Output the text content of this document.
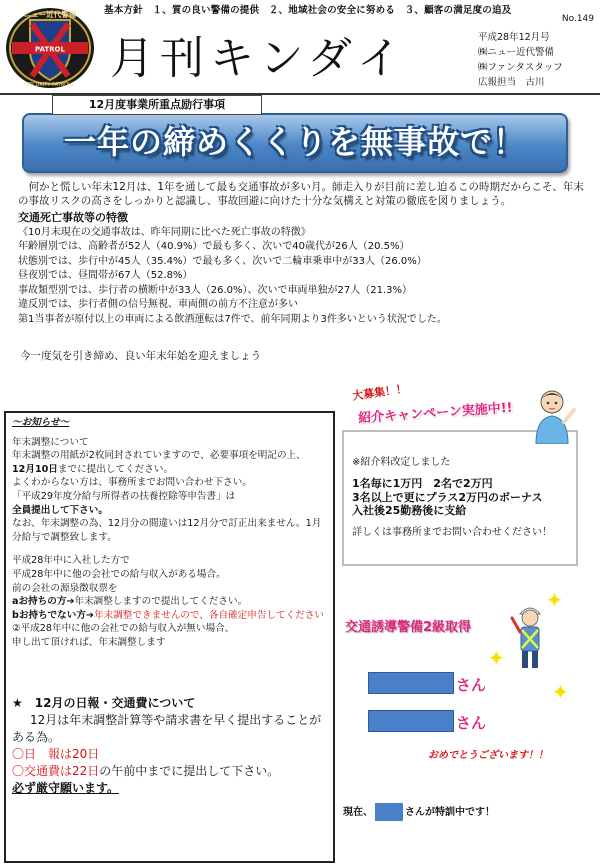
PATROL
ニュー近代警備
SECURITY PATROLS
基本方針　１、質の良い警備の提供　２、地域社会の安全に努める　３、顧客の満足度の追及
No.149
月刊キンダイ	平成28年12月号
㈱ニュー近代警備
㈱ファンタスタッフ
広報担当　古川
12月度事業所重点励行事項
一年の締めくくりを無事故で！

何かと慌しい年末12月は、1年を通して最も交通事故が多い月。師走入りが目前に差し迫るこの時期だからこそ、年末の事故リスクの高さをしっかりと認識し、事故回避に向けた十分な気構えと対策の徹底を図りましょう。

交通死亡事故等の特徴
《10月末現在の交通事故は、昨年同期に比べた死亡事故の特徴》
年齢層別では、高齢者が52人（40.9%）で最も多く、次いで40歳代が26人（20.5%）
状態別では、歩行中が45人（35.4%）で最も多く、次いで二輪車乗車中が33人（26.0%）
昼夜別では、昼間帯が67人（52.8%）
事故類型別では、歩行者の横断中が33人（26.0%）、次いで車両単独が27人（21.3%）
違反別では、歩行者側の信号無視、車両側の前方不注意が多い
第1当事者が原付以上の車両による飲酒運転は7件で、前年同期より3件多いという状況でした。
今一度気を引き締め、良い年末年始を迎えましょう
～お知らせ～
年末調整について
年末調整の用紙が2枚同封されていますので、必要事項を明記の上、
12月10日までに提出してください。
よくわからない方は、事務所までお問い合わせ下さい。
「平成29年度分給与所得者の扶養控除等申告書」は
全員提出して下さい。
なお、年末調整の為、12月分の間違いは12月分で訂正出来ません。1月分給与で調整致します。
平成28年中に入社した方で
平成28年中に他の会社での給与収入がある場合。
前の会社の源泉徴収票を
aお持ちの方➔年末調整しますので提出してください。
bお持ちでない方➔年末調整できませんので、各自確定申告してください
②平成28年中に他の会社での給与収入が無い場合、
申し出て頂ければ、年末調整します
★　12月の日報・交通費について
12月は年末調整計算等や請求書を早く提出することがある為。
〇日　報は20日
〇交通費は22日の午前中までに提出して下さい。
必ず厳守願います。
大募集！！
紹介キャンペーン実施中!!
※紹介料改定しました
1名毎に1万円　2名で2万円
3名以上で更にプラス2万円のボーナス
入社後25勤務後に支給
詳しくは事務所までお問い合わせください！
✦
✦
✦
交通誘導警備2級取得
さん
さん
おめでとうございます！！
現在、	さんが特訓中です！
